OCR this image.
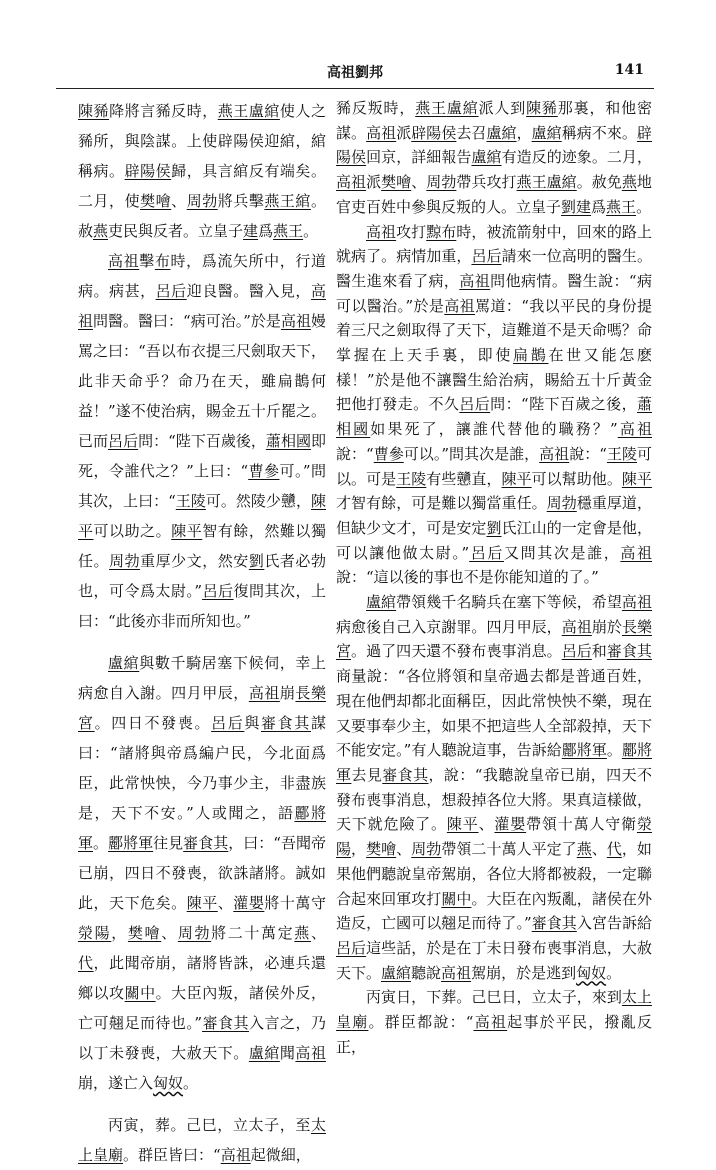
高祖劉邦	141

陳豨降將言豨反時，燕王盧綰使人之豨所，與陰謀。上使辟陽侯迎綰，綰稱病。辟陽侯歸，具言綰反有端矣。二月，使樊噲、周勃將兵擊燕王綰。赦燕吏民與反者。立皇子建爲燕王。

高祖擊布時，爲流矢所中，行道病。病甚，呂后迎良醫。醫入見，高祖問醫。醫曰：“病可治。”於是高祖嫚罵之曰：“吾以布衣提三尺劍取天下，此非天命乎？命乃在天，雖扁鵲何益！”遂不使治病，賜金五十斤罷之。已而呂后問：“陛下百歲後，蕭相國即死，令誰代之？”上曰：“曹參可。”問其次，上曰：“王陵可。然陵少戇，陳平可以助之。陳平智有餘，然難以獨任。周勃重厚少文，然安劉氏者必勃也，可令爲太尉。”呂后復問其次，上曰：“此後亦非而所知也。”

盧綰與數千騎居塞下候伺，幸上病愈自入謝。四月甲辰，高祖崩長樂宮。四日不發喪。呂后與審食其謀曰：“諸將與帝爲編户民，今北面爲臣，此常怏怏，今乃事少主，非盡族是，天下不安。”人或聞之，語酈將軍。酈將軍往見審食其，曰：“吾聞帝已崩，四日不發喪，欲誅諸將。誠如此，天下危矣。陳平、灌嬰將十萬守滎陽，樊噲、周勃將二十萬定燕、代，此聞帝崩，諸將皆誅，必連兵還鄉以攻關中。大臣內叛，諸侯外反，亡可翹足而待也。”審食其入言之，乃以丁未發喪，大赦天下。盧綰聞高祖崩，遂亡入匈奴。

丙寅，葬。己巳，立太子，至太上皇廟。群臣皆曰：“高祖起微細，

豨反叛時，燕王盧綰派人到陳豨那裏，和他密謀。高祖派辟陽侯去召盧綰，盧綰稱病不來。辟陽侯回京，詳細報告盧綰有造反的迹象。二月，高祖派樊噲、周勃帶兵攻打燕王盧綰。赦免燕地官吏百姓中參與反叛的人。立皇子劉建爲燕王。

高祖攻打黥布時，被流箭射中，回來的路上就病了。病情加重，呂后請來一位高明的醫生。醫生進來看了病，高祖問他病情。醫生說：“病可以醫治。”於是高祖罵道：“我以平民的身份提着三尺之劍取得了天下，這難道不是天命嗎？命掌握在上天手裏，即使扁鵲在世又能怎麽樣！”於是他不讓醫生給治病，賜給五十斤黃金把他打發走。不久呂后問：“陛下百歲之後，蕭相國如果死了，讓誰代替他的職務？”高祖說：“曹參可以。”問其次是誰，高祖說：“王陵可以。可是王陵有些戇直，陳平可以幫助他。陳平才智有餘，可是難以獨當重任。周勃穩重厚道，但缺少文才，可是安定劉氏江山的一定會是他，可以讓他做太尉。”呂后又問其次是誰，高祖說：“這以後的事也不是你能知道的了。”

盧綰帶領幾千名騎兵在塞下等候，希望高祖病愈後自己入京謝罪。四月甲辰，高祖崩於長樂宮。過了四天還不發布喪事消息。呂后和審食其商量說：“各位將領和皇帝過去都是普通百姓，現在他們却都北面稱臣，因此常怏怏不樂，現在又要事奉少主，如果不把這些人全部殺掉，天下不能安定。”有人聽說這事，告訴給酈將軍。酈將軍去見審食其，說：“我聽說皇帝已崩，四天不發布喪事消息，想殺掉各位大將。果真這樣做，天下就危險了。陳平、灌嬰帶領十萬人守衛滎陽，樊噲、周勃帶領二十萬人平定了燕、代，如果他們聽說皇帝駕崩，各位大將都被殺，一定聯合起來回軍攻打關中。大臣在內叛亂，諸侯在外造反，亡國可以翹足而待了。”審食其入宮告訴給呂后這些話，於是在丁未日發布喪事消息，大赦天下。盧綰聽說高祖駕崩，於是逃到匈奴。

丙寅日，下葬。己巳日，立太子，來到太上皇廟。群臣都說：“高祖起事於平民，撥亂反正，
